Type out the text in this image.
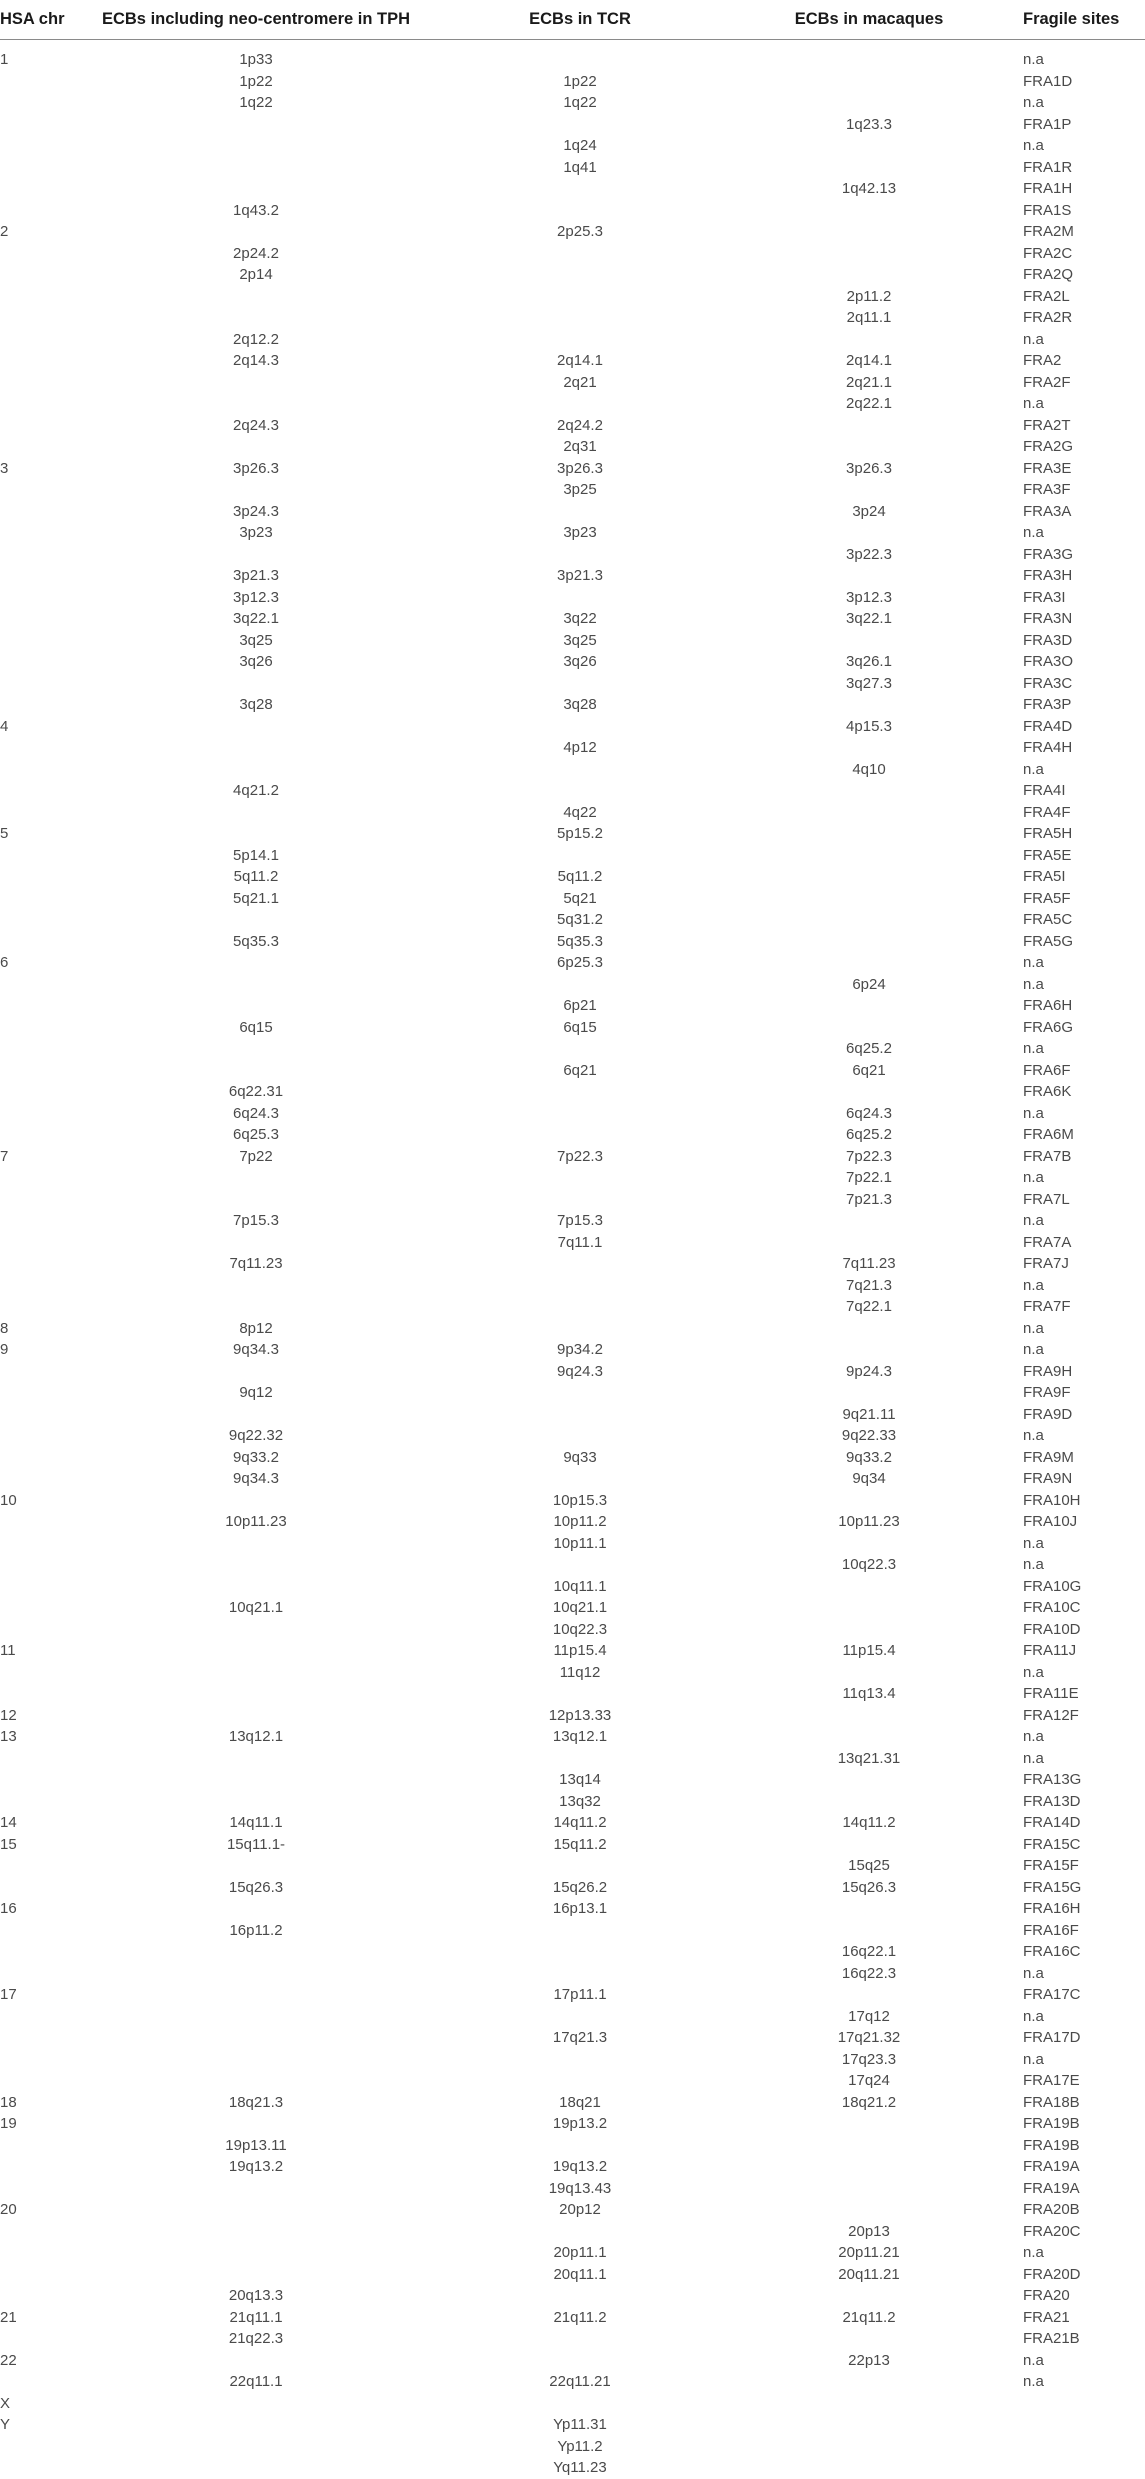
HSA chr	ECBs including neo-centromere in TPH	ECBs in TCR	ECBs in macaques	Fragile sites

1	1p33			n.a
	1p22	1p22		FRA1D
	1q22	1q22		n.a
			1q23.3	FRA1P
		1q24		n.a
		1q41		FRA1R
			1q42.13	FRA1H
	1q43.2			FRA1S
2		2p25.3		FRA2M
	2p24.2			FRA2C
	2p14			FRA2Q
			2p11.2	FRA2L
			2q11.1	FRA2R
	2q12.2			n.a
	2q14.3	2q14.1	2q14.1	FRA2
		2q21	2q21.1	FRA2F
			2q22.1	n.a
	2q24.3	2q24.2		FRA2T
		2q31		FRA2G
3	3p26.3	3p26.3	3p26.3	FRA3E
		3p25		FRA3F
	3p24.3		3p24	FRA3A
	3p23	3p23		n.a
			3p22.3	FRA3G
	3p21.3	3p21.3		FRA3H
	3p12.3		3p12.3	FRA3I
	3q22.1	3q22	3q22.1	FRA3N
	3q25	3q25		FRA3D
	3q26	3q26	3q26.1	FRA3O
			3q27.3	FRA3C
	3q28	3q28		FRA3P
4			4p15.3	FRA4D
		4p12		FRA4H
			4q10	n.a
	4q21.2			FRA4I
		4q22		FRA4F
5		5p15.2		FRA5H
	5p14.1			FRA5E
	5q11.2	5q11.2		FRA5I
	5q21.1	5q21		FRA5F
		5q31.2		FRA5C
	5q35.3	5q35.3		FRA5G
6		6p25.3		n.a
			6p24	n.a
		6p21		FRA6H
	6q15	6q15		FRA6G
			6q25.2	n.a
		6q21	6q21	FRA6F
	6q22.31			FRA6K
	6q24.3		6q24.3	n.a
	6q25.3		6q25.2	FRA6M
7	7p22	7p22.3	7p22.3	FRA7B
			7p22.1	n.a
			7p21.3	FRA7L
	7p15.3	7p15.3		n.a
		7q11.1		FRA7A
	7q11.23		7q11.23	FRA7J
			7q21.3	n.a
			7q22.1	FRA7F
8	8p12			n.a
9	9q34.3	9p34.2		n.a
		9q24.3	9p24.3	FRA9H
	9q12			FRA9F
			9q21.11	FRA9D
	9q22.32		9q22.33	n.a
	9q33.2	9q33	9q33.2	FRA9M
	9q34.3		9q34	FRA9N
10		10p15.3		FRA10H
	10p11.23	10p11.2	10p11.23	FRA10J
		10p11.1		n.a
			10q22.3	n.a
		10q11.1		FRA10G
	10q21.1	10q21.1		FRA10C
		10q22.3		FRA10D
11		11p15.4	11p15.4	FRA11J
		11q12		n.a
			11q13.4	FRA11E
12		12p13.33		FRA12F
13	13q12.1	13q12.1		n.a
			13q21.31	n.a
		13q14		FRA13G
		13q32		FRA13D
14	14q11.1	14q11.2	14q11.2	FRA14D
15	15q11.1-	15q11.2		FRA15C
			15q25	FRA15F
	15q26.3	15q26.2	15q26.3	FRA15G
16		16p13.1		FRA16H
	16p11.2			FRA16F
			16q22.1	FRA16C
			16q22.3	n.a
17		17p11.1		FRA17C
			17q12	n.a
		17q21.3	17q21.32	FRA17D
			17q23.3	n.a
			17q24	FRA17E
18	18q21.3	18q21	18q21.2	FRA18B
19		19p13.2		FRA19B
	19p13.11			FRA19B
	19q13.2	19q13.2		FRA19A
		19q13.43		FRA19A
20		20p12		FRA20B
			20p13	FRA20C
		20p11.1	20p11.21	n.a
		20q11.1	20q11.21	FRA20D
	20q13.3			FRA20
21	21q11.1	21q11.2	21q11.2	FRA21
	21q22.3			FRA21B
22			22p13	n.a
	22q11.1	22q11.21		n.a
X				
Y		Yp11.31		
		Yp11.2		
		Yq11.23		
